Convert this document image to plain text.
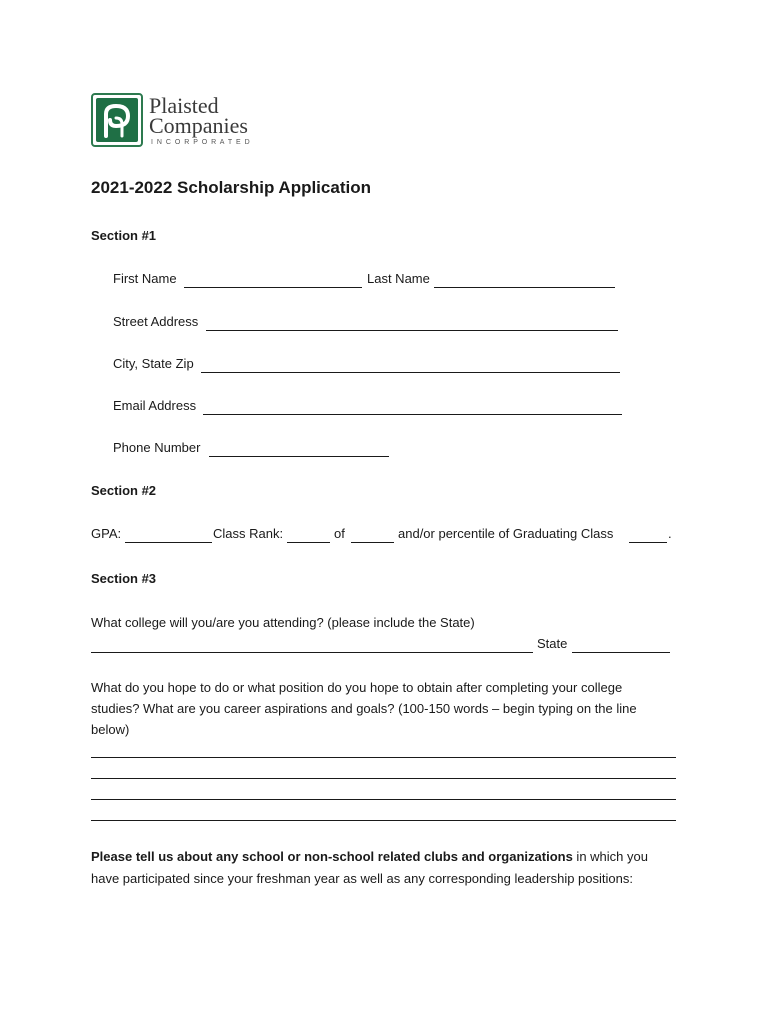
Plaisted
Companies
I N C O R P O R A T E D
2021-2022 Scholarship Application
Section #1
First Name	Last Name
Street Address
City, State Zip
Email Address
Phone Number
Section #2
GPA:	Class Rank:	of	and/or percentile of Graduating Class	.
Section #3
What college will you/are you attending? (please include the State)
State
What do you hope to do or what position do you hope to obtain after completing your college
studies? What are you career aspirations and goals? (100-150 words – begin typing on the line
below)
Please tell us about any school or non-school related clubs and organizations in which you
have participated since your freshman year as well as any corresponding leadership positions:
